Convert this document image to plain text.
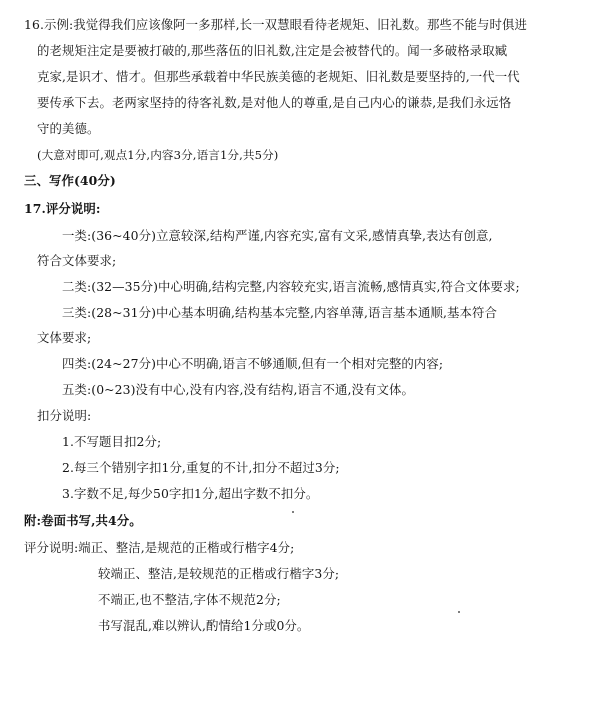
16.示例:我觉得我们应该像阿一多那样,长一双慧眼看待老规矩、旧礼数。那些不能与时俱进
的老规矩注定是要被打破的,那些落伍的旧礼数,注定是会被替代的。闻一多破格录取臧
克家,是识才、惜才。但那些承载着中华民族美德的老规矩、旧礼数是要坚持的,一代一代
要传承下去。老两家坚持的待客礼数,是对他人的尊重,是自己内心的谦恭,是我们永远恪
守的美德。
(大意对即可,观点1分,内容3分,语言1分,共5分)
三、写作(40分)
17.评分说明:
一类:(36~40分)立意较深,结构严谨,内容充实,富有文采,感情真挚,表达有创意,
符合文体要求;
二类:(32—35分)中心明确,结构完整,内容较充实,语言流畅,感情真实,符合文体要求;
三类:(28~31分)中心基本明确,结构基本完整,内容单薄,语言基本通顺,基本符合
文体要求;
四类:(24~27分)中心不明确,语言不够通顺,但有一个相对完整的内容;
五类:(0~23)没有中心,没有内容,没有结构,语言不通,没有文体。
扣分说明:
1.不写题目扣2分;
2.每三个错别字扣1分,重复的不计,扣分不超过3分;
3.字数不足,每少50字扣1分,超出字数不扣分。
附:卷面书写,共4分。
评分说明:端正、整洁,是规范的正楷或行楷字4分;
较端正、整洁,是较规范的正楷或行楷字3分;
不端正,也不整洁,字体不规范2分;
书写混乱,难以辨认,酌情给1分或0分。
